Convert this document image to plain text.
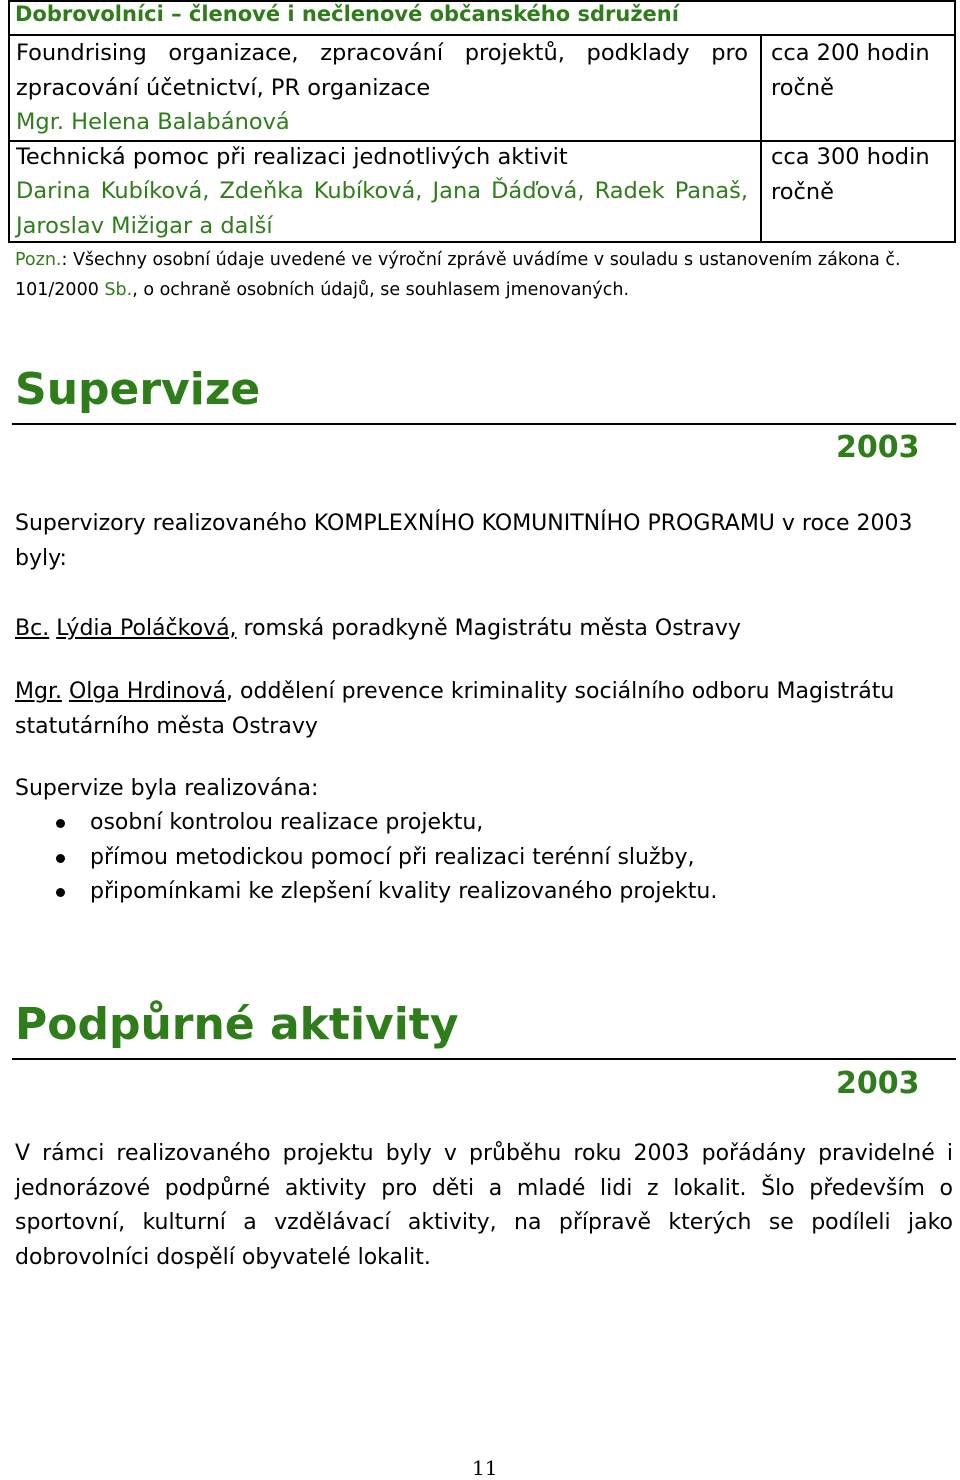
Dobrovolníci – členové i nečlenové občanského sdružení
Foundrising organizace, zpracování projektů, podklady pro zpracování účetnictví, PR organizace
Mgr. Helena Balabánová
cca 200 hodin
ročně
Technická pomoc při realizaci jednotlivých aktivit
Darina Kubíková, Zdeňka Kubíková, Jana Ďáďová, Radek Panaš, Jaroslav Mižigar a další
cca 300 hodin
ročně
Pozn.: Všechny osobní údaje uvedené ve výroční zprávě uvádíme v souladu s ustanovením zákona č. 101/2000 Sb., o ochraně osobních údajů, se souhlasem jmenovaných.
Supervize
2003
Supervizory realizovaného KOMPLEXNÍHO KOMUNITNÍHO PROGRAMU v roce 2003 byly:
Bc. Lýdia Poláčková, romská poradkyně Magistrátu města Ostravy
Mgr. Olga Hrdinová, oddělení prevence kriminality sociálního odboru Magistrátu statutárního města Ostravy
Supervize byla realizována:
osobní kontrolou realizace projektu,
přímou metodickou pomocí při realizaci terénní služby,
připomínkami ke zlepšení kvality realizovaného projektu.
Podpůrné aktivity
2003
V rámci realizovaného projektu byly v průběhu roku 2003 pořádány pravidelné i jednorázové podpůrné aktivity pro děti a mladé lidi z lokalit. Šlo především o sportovní, kulturní a vzdělávací aktivity, na přípravě kterých se podíleli jako dobrovolníci dospělí obyvatelé lokalit.
11
